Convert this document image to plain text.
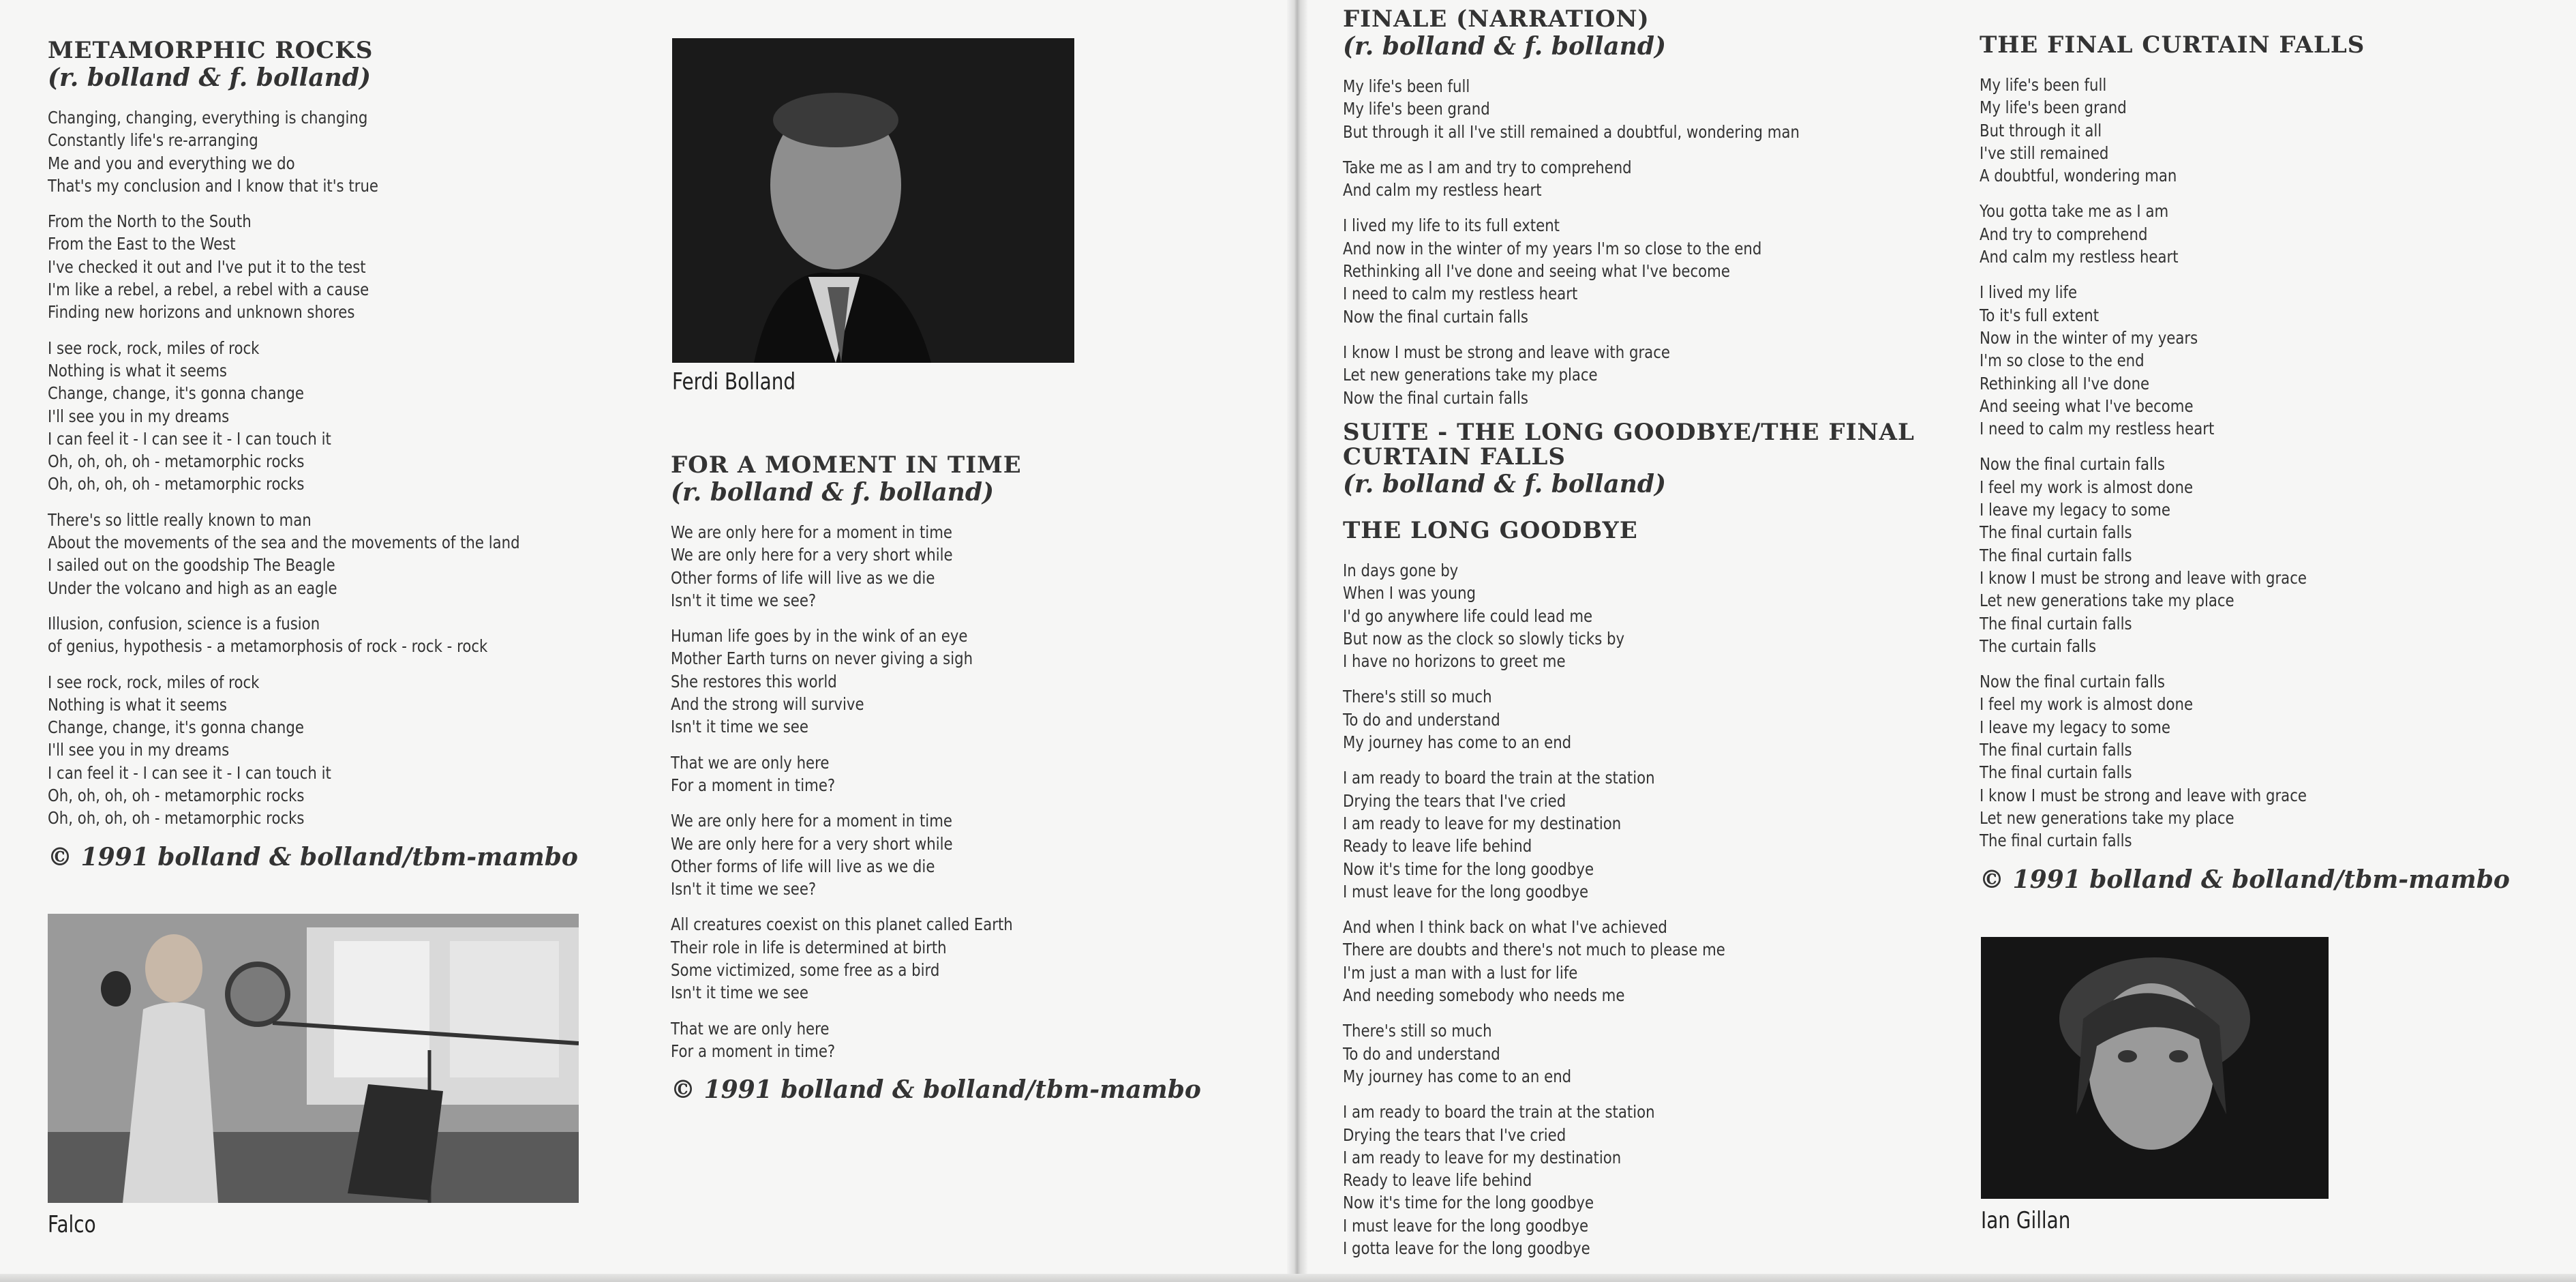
METAMORPHIC ROCKS

(r. bolland & f. bolland)

Changing, changing, everything is changing
Constantly life's re-arranging
Me and you and everything we do
That's my conclusion and I know that it's true

From the North to the South
From the East to the West
I've checked it out and I've put it to the test
I'm like a rebel, a rebel, a rebel with a cause
Finding new horizons and unknown shores

I see rock, rock, miles of rock
Nothing is what it seems
Change, change, it's gonna change
I'll see you in my dreams
I can feel it - I can see it - I can touch it
Oh, oh, oh, oh - metamorphic rocks
Oh, oh, oh, oh - metamorphic rocks

There's so little really known to man
About the movements of the sea and the movements of the land
I sailed out on the goodship The Beagle
Under the volcano and high as an eagle

Illusion, confusion, science is a fusion
of genius, hypothesis - a metamorphosis of rock - rock - rock

I see rock, rock, miles of rock
Nothing is what it seems
Change, change, it's gonna change
I'll see you in my dreams
I can feel it - I can see it - I can touch it
Oh, oh, oh, oh - metamorphic rocks
Oh, oh, oh, oh - metamorphic rocks

© 1991 bolland & bolland/tbm-mambo

Falco
Ferdi Bolland
FOR A MOMENT IN TIME

(r. bolland & f. bolland)

We are only here for a moment in time
We are only here for a very short while
Other forms of life will live as we die
Isn't it time we see?

Human life goes by in the wink of an eye
Mother Earth turns on never giving a sigh
She restores this world
And the strong will survive
Isn't it time we see

That we are only here
For a moment in time?

We are only here for a moment in time
We are only here for a very short while
Other forms of life will live as we die
Isn't it time we see?

All creatures coexist on this planet called Earth
Their role in life is determined at birth
Some victimized, some free as a bird
Isn't it time we see

That we are only here
For a moment in time?

© 1991 bolland & bolland/tbm-mambo

FINALE (NARRATION)

(r. bolland & f. bolland)

My life's been full
My life's been grand
But through it all I've still remained a doubtful, wondering man

Take me as I am and try to comprehend
And calm my restless heart

I lived my life to its full extent
And now in the winter of my years I'm so close to the end
Rethinking all I've done and seeing what I've become
I need to calm my restless heart
Now the final curtain falls

I know I must be strong and leave with grace
Let new generations take my place
Now the final curtain falls

SUITE - THE LONG GOODBYE/THE FINAL
CURTAIN FALLS

(r. bolland & f. bolland)

THE LONG GOODBYE

In days gone by
When I was young
I'd go anywhere life could lead me
But now as the clock so slowly ticks by
I have no horizons to greet me

There's still so much
To do and understand
My journey has come to an end

I am ready to board the train at the station
Drying the tears that I've cried
I am ready to leave for my destination
Ready to leave life behind
Now it's time for the long goodbye
I must leave for the long goodbye

And when I think back on what I've achieved
There are doubts and there's not much to please me
I'm just a man with a lust for life
And needing somebody who needs me

There's still so much
To do and understand
My journey has come to an end

I am ready to board the train at the station
Drying the tears that I've cried
I am ready to leave for my destination
Ready to leave life behind
Now it's time for the long goodbye
I must leave for the long goodbye
I gotta leave for the long goodbye

THE FINAL CURTAIN FALLS

My life's been full
My life's been grand
But through it all
I've still remained
A doubtful, wondering man

You gotta take me as I am
And try to comprehend
And calm my restless heart

I lived my life
To it's full extent
Now in the winter of my years
I'm so close to the end
Rethinking all I've done
And seeing what I've become
I need to calm my restless heart

Now the final curtain falls
I feel my work is almost done
I leave my legacy to some
The final curtain falls
The final curtain falls
I know I must be strong and leave with grace
Let new generations take my place
The final curtain falls
The curtain falls

Now the final curtain falls
I feel my work is almost done
I leave my legacy to some
The final curtain falls
The final curtain falls
I know I must be strong and leave with grace
Let new generations take my place
The final curtain falls

© 1991 bolland & bolland/tbm-mambo

Ian Gillan
